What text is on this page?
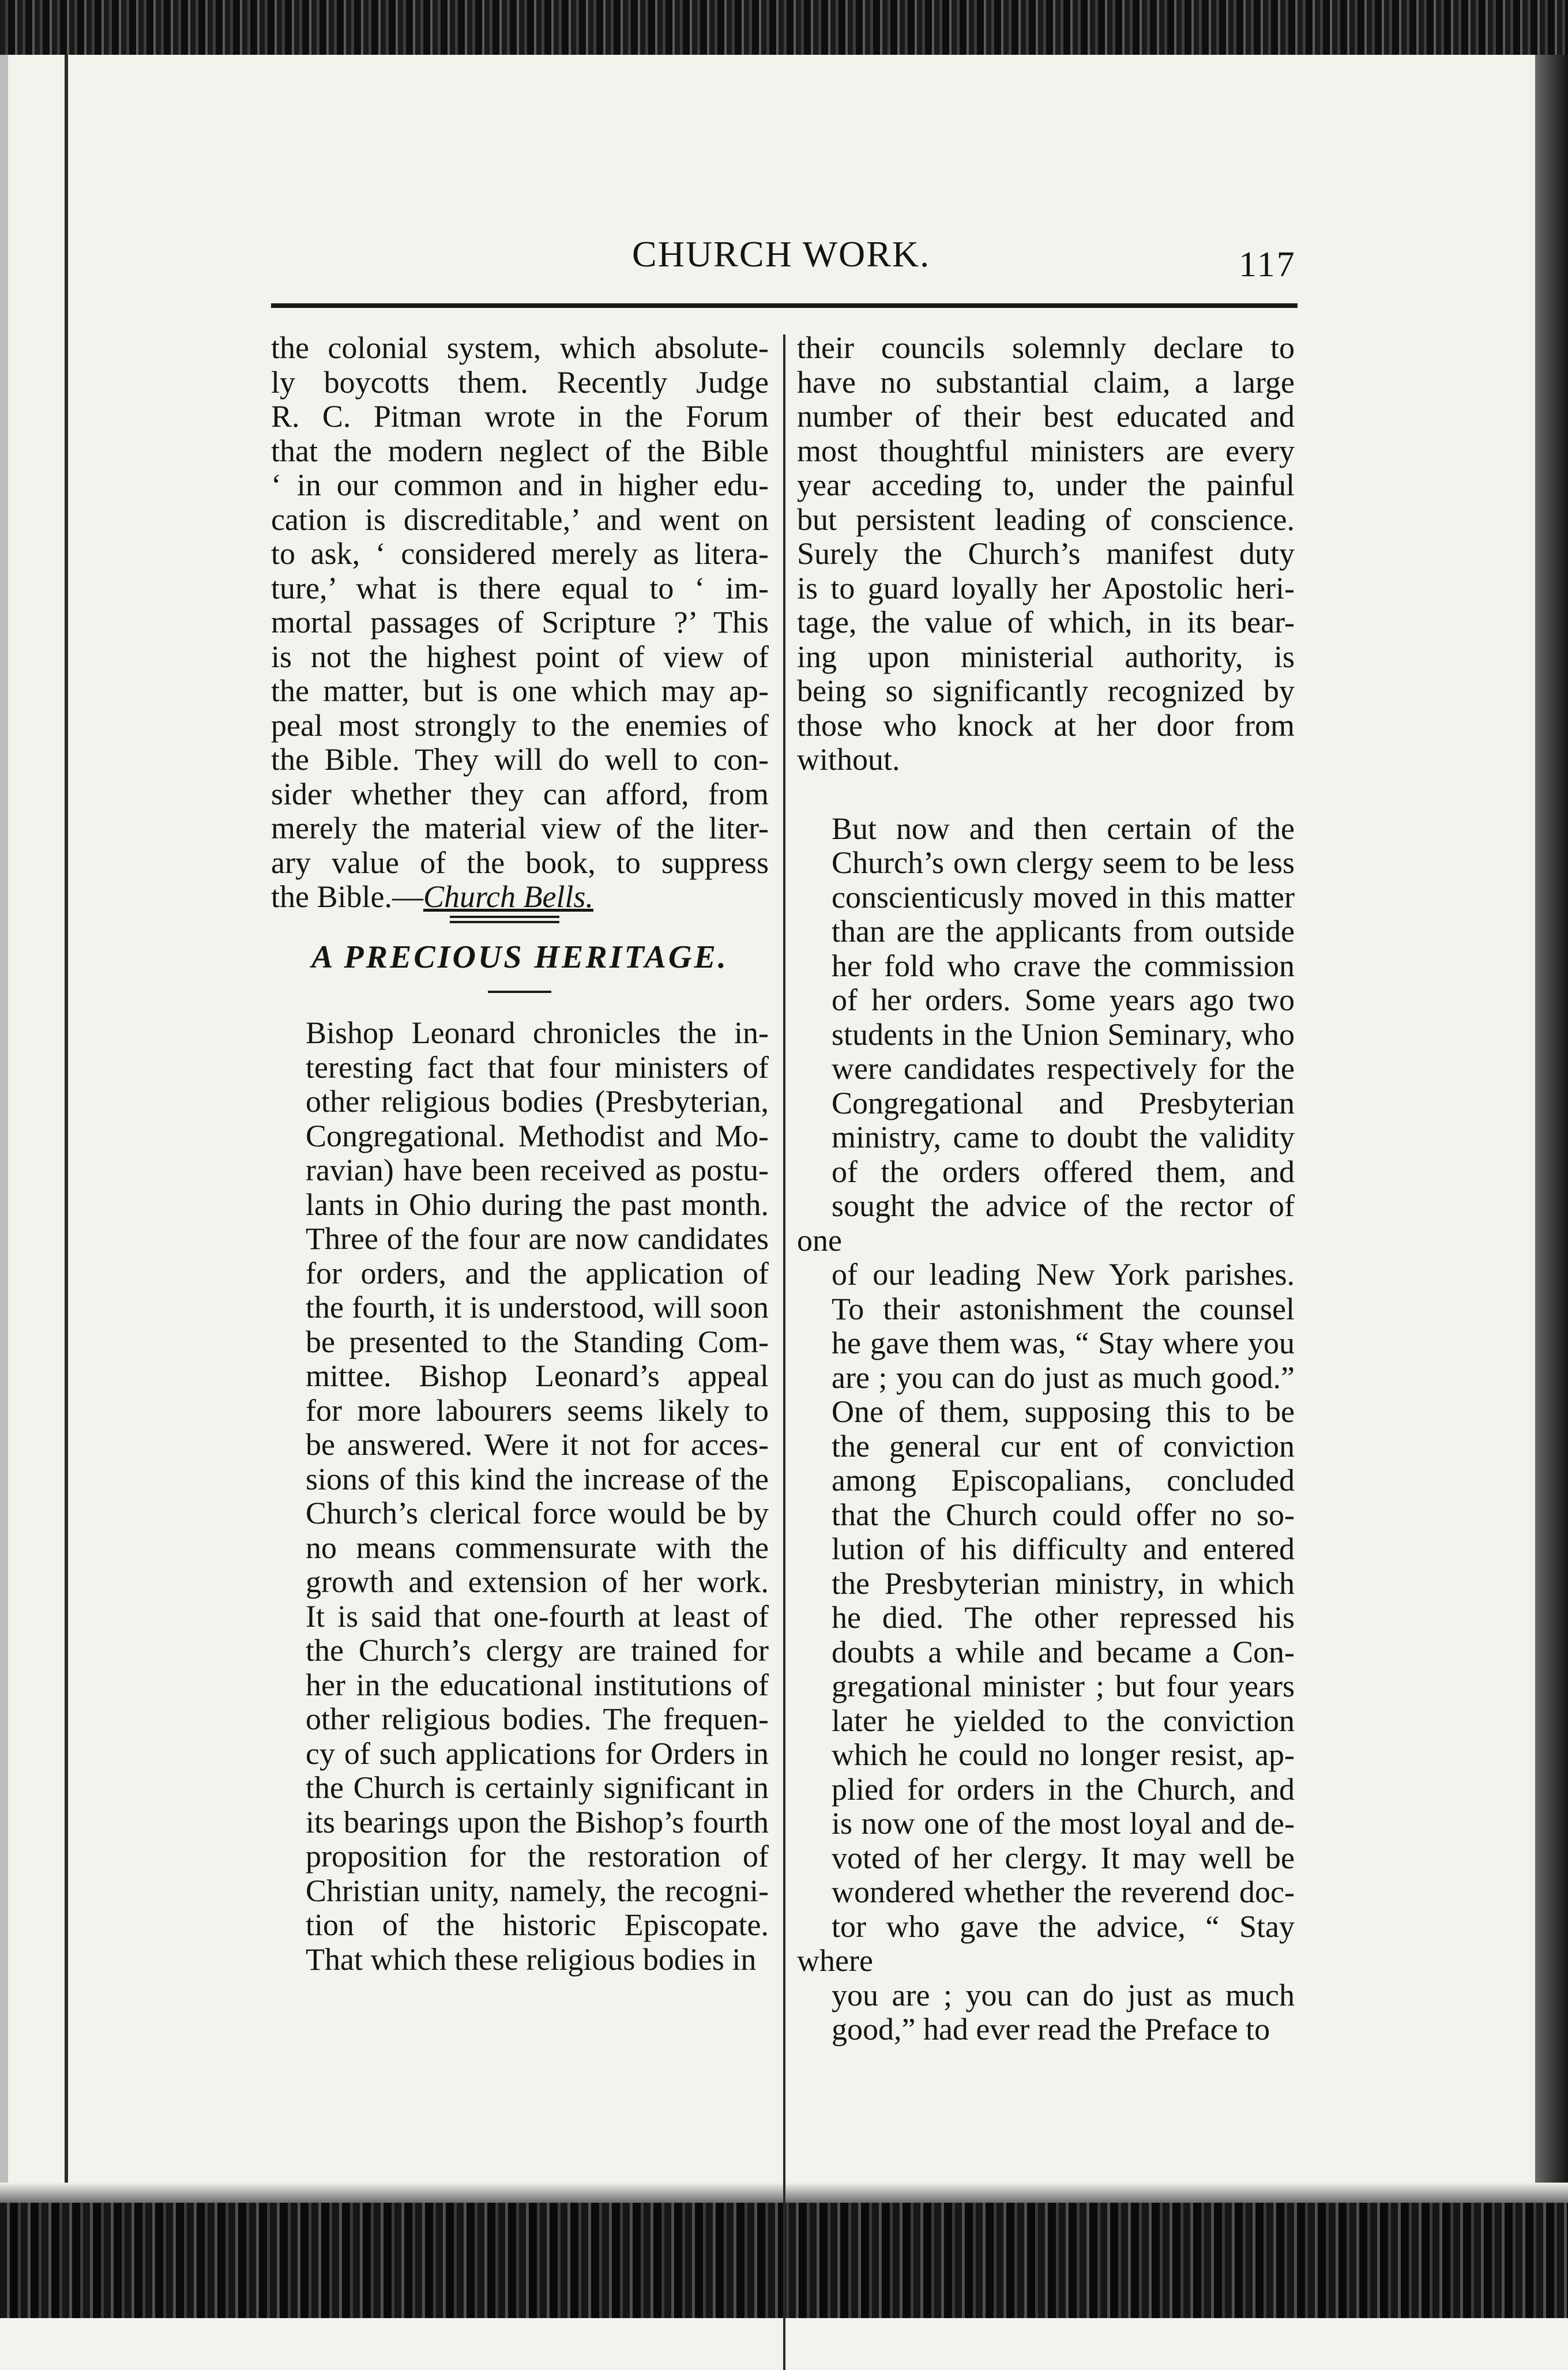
CHURCH WORK.	117

the colonial system, which absolute-
ly boycotts them. Recently Judge
R. C. Pitman wrote in the Forum
that the modern neglect of the Bible
‘ in our common and in higher edu-
cation is discreditable,’ and went on
to ask, ‘ considered merely as litera-
ture,’ what is there equal to ‘ im-
mortal passages of Scripture ?’ This
is not the highest point of view of
the matter, but is one which may ap-
peal most strongly to the enemies of
the Bible. They will do well to con-
sider whether they can afford, from
merely the material view of the liter-
ary value of the book, to suppress

the Bible.—Church Bells.

A PRECIOUS HERITAGE.

Bishop Leonard chronicles the in-
teresting fact that four ministers of
other religious bodies (Presbyterian,
Congregational. Methodist and Mo-
ravian) have been received as postu-
lants in Ohio during the past month.
Three of the four are now candidates
for orders, and the application of
the fourth, it is understood, will soon
be presented to the Standing Com-
mittee. Bishop Leonard’s appeal
for more labourers seems likely to
be answered. Were it not for acces-
sions of this kind the increase of the
Church’s clerical force would be by
no means commensurate with the
growth and extension of her work.
It is said that one-fourth at least of
the Church’s clergy are trained for
her in the educational institutions of
other religious bodies. The frequen-
cy of such applications for Orders in
the Church is certainly significant in
its bearings upon the Bishop’s fourth
proposition for the restoration of
Christian unity, namely, the recogni-
tion of the historic Episcopate.
That which these religious bodies in

their councils solemnly declare to
have no substantial claim, a large
number of their best educated and
most thoughtful ministers are every
year acceding to, under the painful
but persistent leading of conscience.
Surely the Church’s manifest duty
is to guard loyally her Apostolic heri-
tage, the value of which, in its bear-
ing upon ministerial authority, is
being so significantly recognized by
those who knock at her door from
without.

But now and then certain of the
Church’s own clergy seem to be less
conscienticusly moved in this matter
than are the applicants from outside
her fold who crave the commission
of her orders. Some years ago two
students in the Union Seminary, who
were candidates respectively for the
Congregational and Presbyterian
ministry, came to doubt the validity
of the orders offered them, and
sought the advice of the rector of one
of our leading New York parishes.
To their astonishment the counsel
he gave them was, “ Stay where you
are ; you can do just as much good.”
One of them, supposing this to be
the general cur ent of conviction
among Episcopalians, concluded
that the Church could offer no so-
lution of his difficulty and entered
the Presbyterian ministry, in which
he died. The other repressed his
doubts a while and became a Con-
gregational minister ; but four years
later he yielded to the conviction
which he could no longer resist, ap-
plied for orders in the Church, and
is now one of the most loyal and de-
voted of her clergy. It may well be
wondered whether the reverend doc-
tor who gave the advice, “ Stay where
you are ; you can do just as much
good,” had ever read the Preface to
